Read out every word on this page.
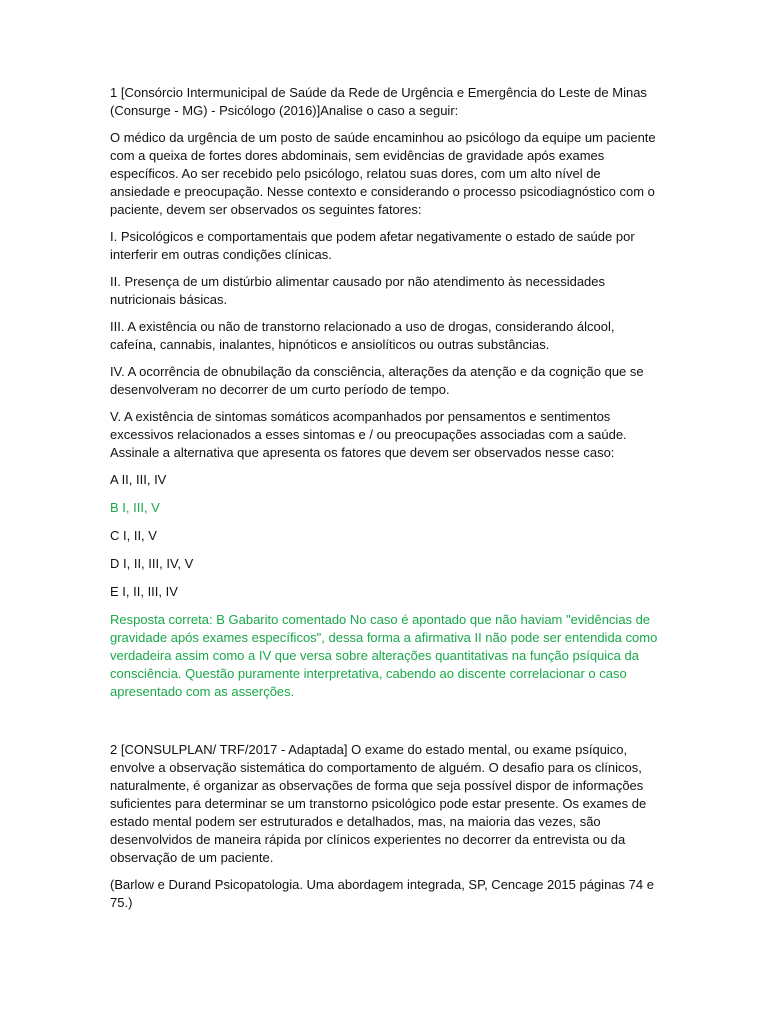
1 [Consórcio Intermunicipal de Saúde da Rede de Urgência e Emergência do Leste de Minas (Consurge - MG) - Psicólogo (2016)]Analise o caso a seguir:

O médico da urgência de um posto de saúde encaminhou ao psicólogo da equipe um paciente com a queixa de fortes dores abdominais, sem evidências de gravidade após exames específicos. Ao ser recebido pelo psicólogo, relatou suas dores, com um alto nível de ansiedade e preocupação. Nesse contexto e considerando o processo psicodiagnóstico com o paciente, devem ser observados os seguintes fatores:

I. Psicológicos e comportamentais que podem afetar negativamente o estado de saúde por interferir em outras condições clínicas.

II. Presença de um distúrbio alimentar causado por não atendimento às necessidades nutricionais básicas.

III. A existência ou não de transtorno relacionado a uso de drogas, considerando álcool, cafeína, cannabis, inalantes, hipnóticos e ansiolíticos ou outras substâncias.

IV. A ocorrência de obnubilação da consciência, alterações da atenção e da cognição que se desenvolveram no decorrer de um curto período de tempo.

V. A existência de sintomas somáticos acompanhados por pensamentos e sentimentos excessivos relacionados a esses sintomas e / ou preocupações associadas com a saúde.

Assinale a alternativa que apresenta os fatores que devem ser observados nesse caso:

A II, III, IV

B I, III, V

C I, II, V

D I, II, III, IV, V

E I, II, III, IV

Resposta correta: B Gabarito comentado No caso é apontado que não haviam "evidências de gravidade após exames específicos", dessa forma a afirmativa II não pode ser entendida como verdadeira assim como a IV que versa sobre alterações quantitativas na função psíquica da consciência. Questão puramente interpretativa, cabendo ao discente correlacionar o caso apresentado com as asserções.

2 [CONSULPLAN/ TRF/2017 - Adaptada] O exame do estado mental, ou exame psíquico, envolve a observação sistemática do comportamento de alguém. O desafio para os clínicos, naturalmente, é organizar as observações de forma que seja possível dispor de informações suficientes para determinar se um transtorno psicológico pode estar presente. Os exames de estado mental podem ser estruturados e detalhados, mas, na maioria das vezes, são desenvolvidos de maneira rápida por clínicos experientes no decorrer da entrevista ou da observação de um paciente.

(Barlow e Durand Psicopatologia. Uma abordagem integrada, SP, Cencage 2015 páginas 74 e 75.)
